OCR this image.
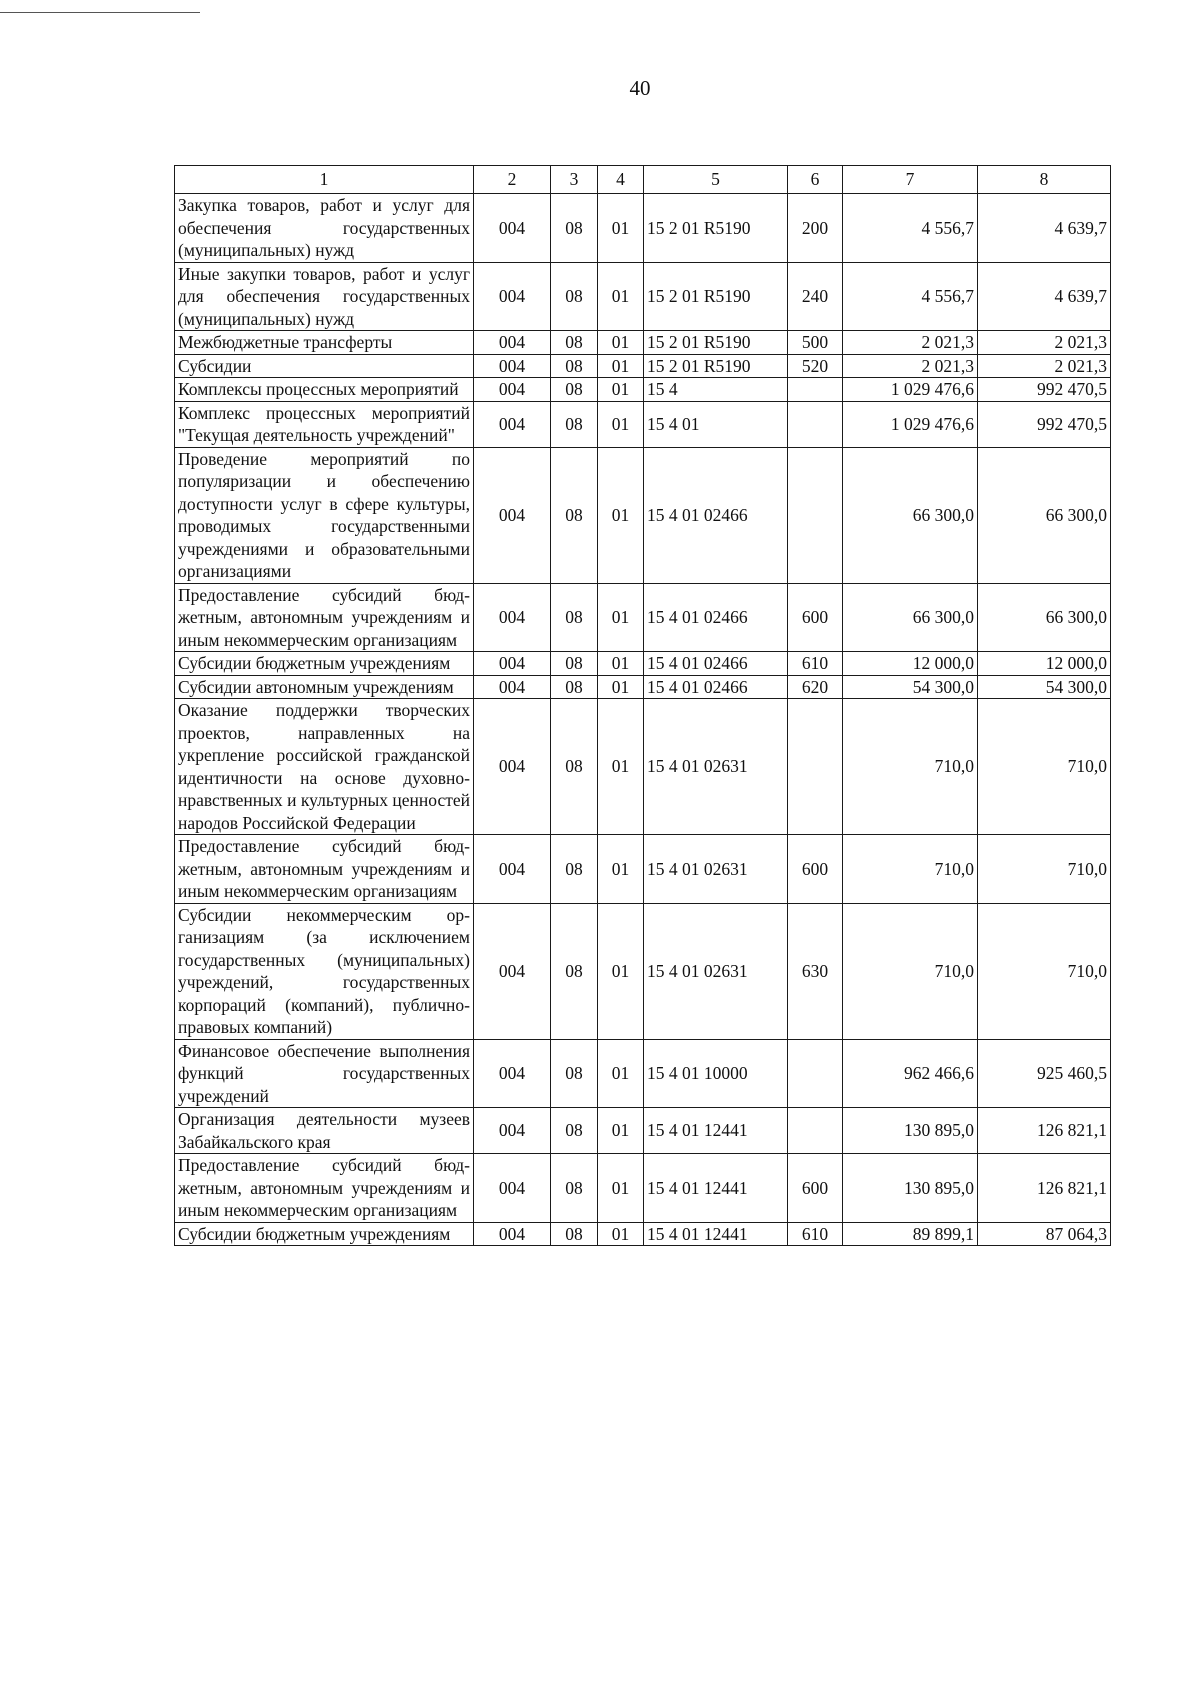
40
1	2	3	4	5	6	7	8
Закупка товаров, работ и услуг для обеспечения государственных (муниципальных) нужд	004	08	01	15 2 01 R5190	200	4 556,7	4 639,7
Иные закупки товаров, работ и услуг для обеспечения государственных (муниципальных) нужд	004	08	01	15 2 01 R5190	240	4 556,7	4 639,7
Межбюджетные трансферты	004	08	01	15 2 01 R5190	500	2 021,3	2 021,3
Субсидии	004	08	01	15 2 01 R5190	520	2 021,3	2 021,3
Комплексы процессных мероприятий	004	08	01	15 4		1 029 476,6	992 470,5
Комплекс процессных мероприятий "Текущая деятельность учреждений"	004	08	01	15 4 01		1 029 476,6	992 470,5
Проведение мероприятий по популяризации и обеспечению доступности услуг в сфере культуры, проводимых государственными учреждениями и образовательными организациями	004	08	01	15 4 01 02466		66 300,0	66 300,0
Предоставление субсидий бюджетным, автономным учреждениям и иным некоммерческим организациям	004	08	01	15 4 01 02466	600	66 300,0	66 300,0
Субсидии бюджетным учреждениям	004	08	01	15 4 01 02466	610	12 000,0	12 000,0
Субсидии автономным учреждениям	004	08	01	15 4 01 02466	620	54 300,0	54 300,0
Оказание поддержки творческих проектов, направленных на укрепление российской гражданской идентичности на основе духовно-нравственных и культурных ценностей народов Российской Федерации	004	08	01	15 4 01 02631		710,0	710,0
Предоставление субсидий бюджетным, автономным учреждениям и иным некоммерческим организациям	004	08	01	15 4 01 02631	600	710,0	710,0
Субсидии некоммерческим организациям (за исключением государственных (муниципальных) учреждений, государственных корпораций (компаний), публично-правовых компаний)	004	08	01	15 4 01 02631	630	710,0	710,0
Финансовое обеспечение выполнения функций государственных учреждений	004	08	01	15 4 01 10000		962 466,6	925 460,5
Организация деятельности музеев Забайкальского края	004	08	01	15 4 01 12441		130 895,0	126 821,1
Предоставление субсидий бюджетным, автономным учреждениям и иным некоммерческим организациям	004	08	01	15 4 01 12441	600	130 895,0	126 821,1
Субсидии бюджетным учреждениям	004	08	01	15 4 01 12441	610	89 899,1	87 064,3
